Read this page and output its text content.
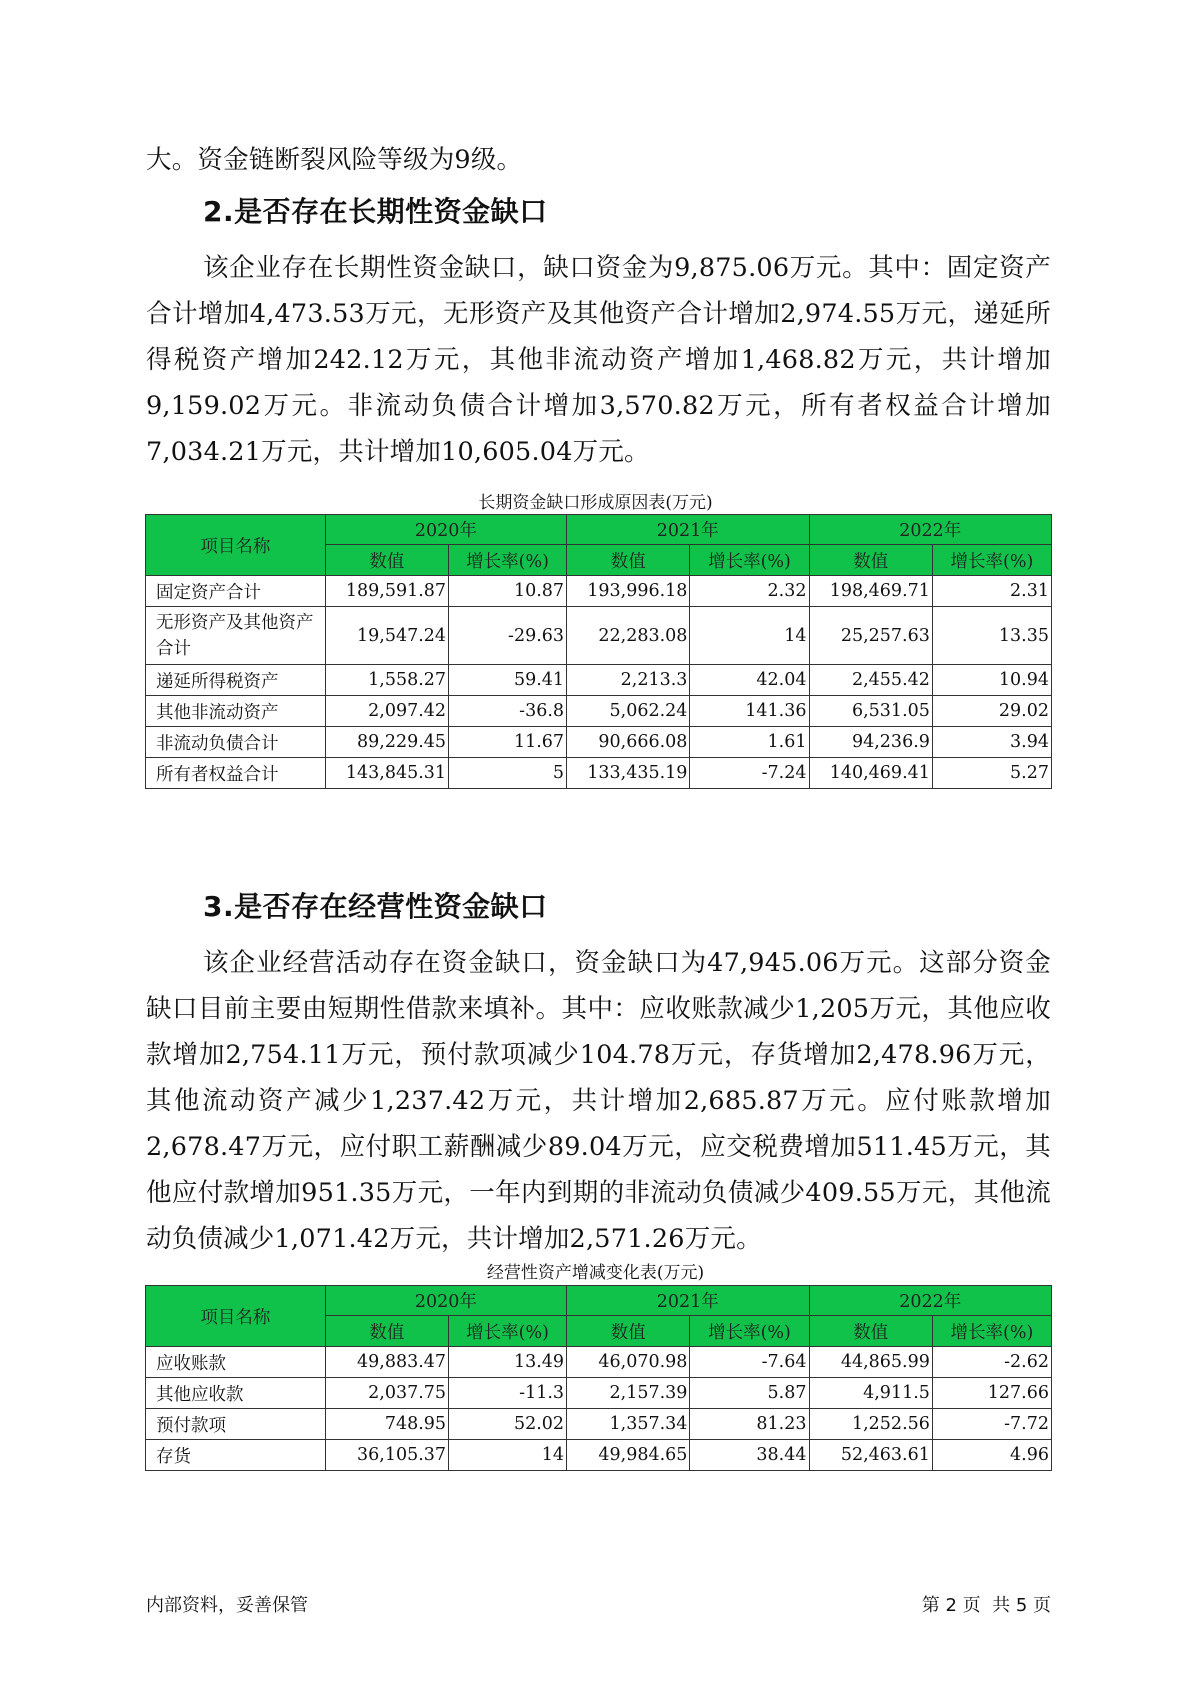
大。资金链断裂风险等级为9级。

2.是否存在长期性资金缺口

该企业存在长期性资金缺口，缺口资金为9,875.06万元。其中：固定资产合计增加4,473.53万元，无形资产及其他资产合计增加2,974.55万元，递延所得税资产增加242.12万元，其他非流动资产增加1,468.82万元，共计增加9,159.02万元。非流动负债合计增加3,570.82万元，所有者权益合计增加7,034.21万元，共计增加10,605.04万元。

长期资金缺口形成原因表(万元)

项目名称	2020年		2021年		2022年	
	数值	增长率(%)	数值	增长率(%)	数值	增长率(%)
固定资产合计	189,591.87	10.87	193,996.18	2.32	198,469.71	2.31
无形资产及其他资产合计	19,547.24	-29.63	22,283.08	14	25,257.63	13.35
递延所得税资产	1,558.27	59.41	2,213.3	42.04	2,455.42	10.94
其他非流动资产	2,097.42	-36.8	5,062.24	141.36	6,531.05	29.02
非流动负债合计	89,229.45	11.67	90,666.08	1.61	94,236.9	3.94
所有者权益合计	143,845.31	5	133,435.19	-7.24	140,469.41	5.27
3.是否存在经营性资金缺口

该企业经营活动存在资金缺口，资金缺口为47,945.06万元。这部分资金缺口目前主要由短期性借款来填补。其中：应收账款减少1,205万元，其他应收款增加2,754.11万元，预付款项减少104.78万元，存货增加2,478.96万元，其他流动资产减少1,237.42万元，共计增加2,685.87万元。应付账款增加2,678.47万元，应付职工薪酬减少89.04万元，应交税费增加511.45万元，其他应付款增加951.35万元，一年内到期的非流动负债减少409.55万元，其他流动负债减少1,071.42万元，共计增加2,571.26万元。

经营性资产增减变化表(万元)

项目名称	2020年		2021年		2022年	
	数值	增长率(%)	数值	增长率(%)	数值	增长率(%)
应收账款	49,883.47	13.49	46,070.98	-7.64	44,865.99	-2.62
其他应收款	2,037.75	-11.3	2,157.39	5.87	4,911.5	127.66
预付款项	748.95	52.02	1,357.34	81.23	1,252.56	-7.72
存货	36,105.37	14	49,984.65	38.44	52,463.61	4.96

内部资料，妥善保管	第 2 页  共 5 页
